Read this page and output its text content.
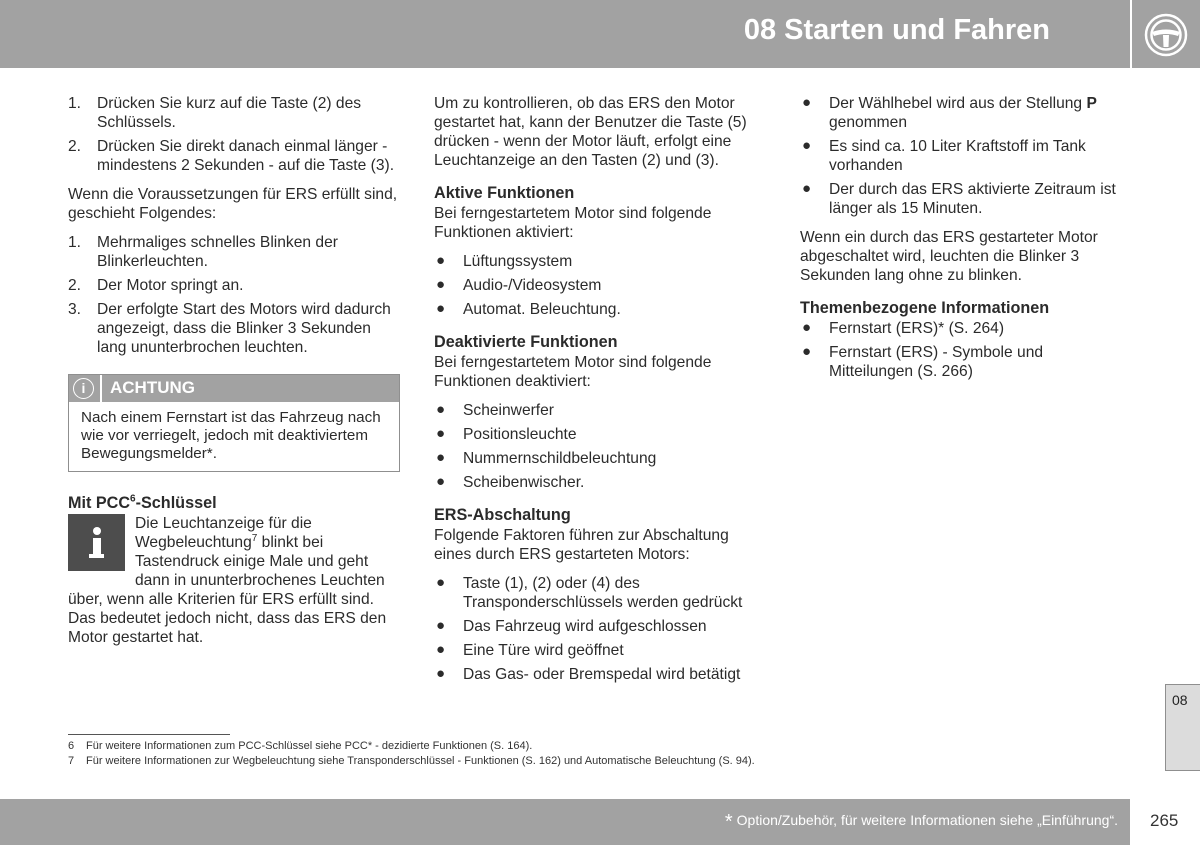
08 Starten und Fahren
1. Drücken Sie kurz auf die Taste (2) des Schlüssels.
2. Drücken Sie direkt danach einmal länger - mindestens 2 Sekunden - auf die Taste (3).

Wenn die Voraussetzungen für ERS erfüllt sind, geschieht Folgendes:

1. Mehrmaliges schnelles Blinken der Blinkerleuchten.
2. Der Motor springt an.
3. Der erfolgte Start des Motors wird dadurch angezeigt, dass die Blinker 3 Sekunden lang ununterbrochen leuchten.
i	ACHTUNG
Nach einem Fernstart ist das Fahrzeug nach wie vor verriegelt, jedoch mit deaktiviertem Bewegungsmelder*.
Mit PCC$^6$-Schlüssel

Die Leuchtanzeige für die Wegbeleuchtung$^7$ blinkt bei Tastendruck einige Male und geht dann in ununterbrochenes Leuchten über, wenn alle Kriterien für ERS erfüllt sind. Das bedeutet jedoch nicht, dass das ERS den Motor gestartet hat.

Um zu kontrollieren, ob das ERS den Motor gestartet hat, kann der Benutzer die Taste (5) drücken - wenn der Motor läuft, erfolgt eine Leuchtanzeige an den Tasten (2) und (3).

Aktive Funktionen

Bei ferngestartetem Motor sind folgende Funktionen aktiviert:

● Lüftungssystem
● Audio-/Videosystem
● Automat. Beleuchtung.
Deaktivierte Funktionen

Bei ferngestartetem Motor sind folgende Funktionen deaktiviert:

● Scheinwerfer
● Positionsleuchte
● Nummernschildbeleuchtung
● Scheibenwischer.
ERS-Abschaltung

Folgende Faktoren führen zur Abschaltung eines durch ERS gestarteten Motors:

● Taste (1), (2) oder (4) des Transponderschlüssels werden gedrückt
● Das Fahrzeug wird aufgeschlossen
● Eine Türe wird geöffnet
● Das Gas- oder Bremspedal wird betätigt
● Der Wählhebel wird aus der Stellung P genommen
● Es sind ca. 10 Liter Kraftstoff im Tank vorhanden
● Der durch das ERS aktivierte Zeitraum ist länger als 15 Minuten.

Wenn ein durch das ERS gestarteter Motor abgeschaltet wird, leuchten die Blinker 3 Sekunden lang ohne zu blinken.

Themenbezogene Informationen
● Fernstart (ERS)* (S. 264)
● Fernstart (ERS) - Symbole und Mitteilungen (S. 266)
08
6 Für weitere Informationen zum PCC-Schlüssel siehe PCC* - dezidierte Funktionen (S. 164).
7 Für weitere Informationen zur Wegbeleuchtung siehe Transponderschlüssel - Funktionen (S. 162) und Automatische Beleuchtung (S. 94).
* Option/Zubehör, für weitere Informationen siehe „Einführung“. 265
